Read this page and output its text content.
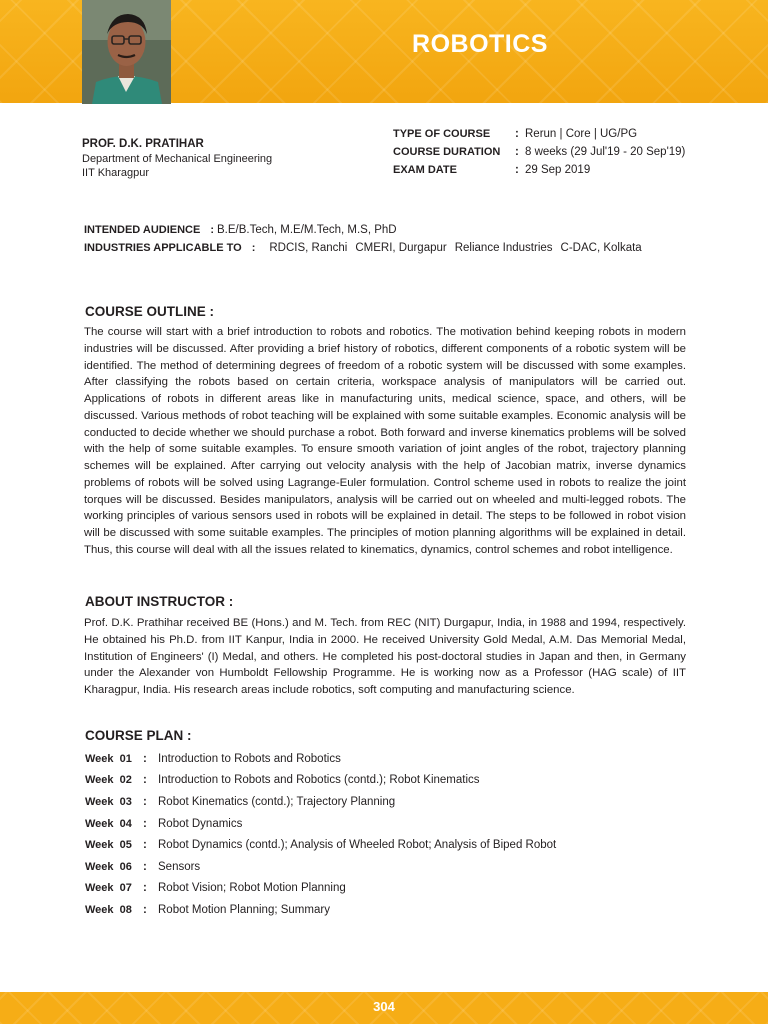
ROBOTICS

PROF. D.K. PRATIHAR

Department of Mechanical Engineering

IIT Kharagpur

TYPE OF COURSE	: Rerun | Core | UG/PG
COURSE DURATION	: 8 weeks (29 Jul'19 - 20 Sep'19)
EXAM DATE	: 29 Sep 2019
INTENDED AUDIENCE : B.E/B.Tech, M.E/M.Tech, M.S, PhD
INDUSTRIES APPLICABLE TO : RDCIS, Ranchi CMERI, Durgapur Reliance Industries C-DAC, Kolkata
COURSE OUTLINE :

The course will start with a brief introduction to robots and robotics. The motivation behind keeping robots in modern industries will be discussed. After providing a brief history of robotics, different components of a robotic system will be identified. The method of determining degrees of freedom of a robotic system will be discussed with some examples. After classifying the robots based on certain criteria, workspace analysis of manipulators will be carried out. Applications of robots in different areas like in manufacturing units, medical science, space, and others, will be discussed. Various methods of robot teaching will be explained with some suitable examples. Economic analysis will be conducted to decide whether we should purchase a robot. Both forward and inverse kinematics problems will be solved with the help of some suitable examples. To ensure smooth variation of joint angles of the robot, trajectory planning schemes will be explained. After carrying out velocity analysis with the help of Jacobian matrix, inverse dynamics problems of robots will be solved using Lagrange-Euler formulation. Control scheme used in robots to realize the joint torques will be discussed. Besides manipulators, analysis will be carried out on wheeled and multi-legged robots. The working principles of various sensors used in robots will be explained in detail. The steps to be followed in robot vision will be discussed with some suitable examples. The principles of motion planning algorithms will be explained in detail. Thus, this course will deal with all the issues related to kinematics, dynamics, control schemes and robot intelligence.

ABOUT INSTRUCTOR :

Prof. D.K. Prathihar received BE (Hons.) and M. Tech. from REC (NIT) Durgapur, India, in 1988 and 1994, respectively. He obtained his Ph.D. from IIT Kanpur, India in 2000. He received University Gold Medal, A.M. Das Memorial Medal, Institution of Engineers' (I) Medal, and others. He completed his post-doctoral studies in Japan and then, in Germany under the Alexander von Humboldt Fellowship Programme. He is working now as a Professor (HAG scale) of IIT Kharagpur, India. His research areas include robotics, soft computing and manufacturing science.

COURSE PLAN :
Week 01 : Introduction to Robots and Robotics
Week 02 : Introduction to Robots and Robotics (contd.); Robot Kinematics
Week 03 : Robot Kinematics (contd.); Trajectory Planning
Week 04 : Robot Dynamics
Week 05 : Robot Dynamics (contd.); Analysis of Wheeled Robot; Analysis of Biped Robot
Week 06 : Sensors
Week 07 : Robot Vision; Robot Motion Planning
Week 08 : Robot Motion Planning; Summary

304
